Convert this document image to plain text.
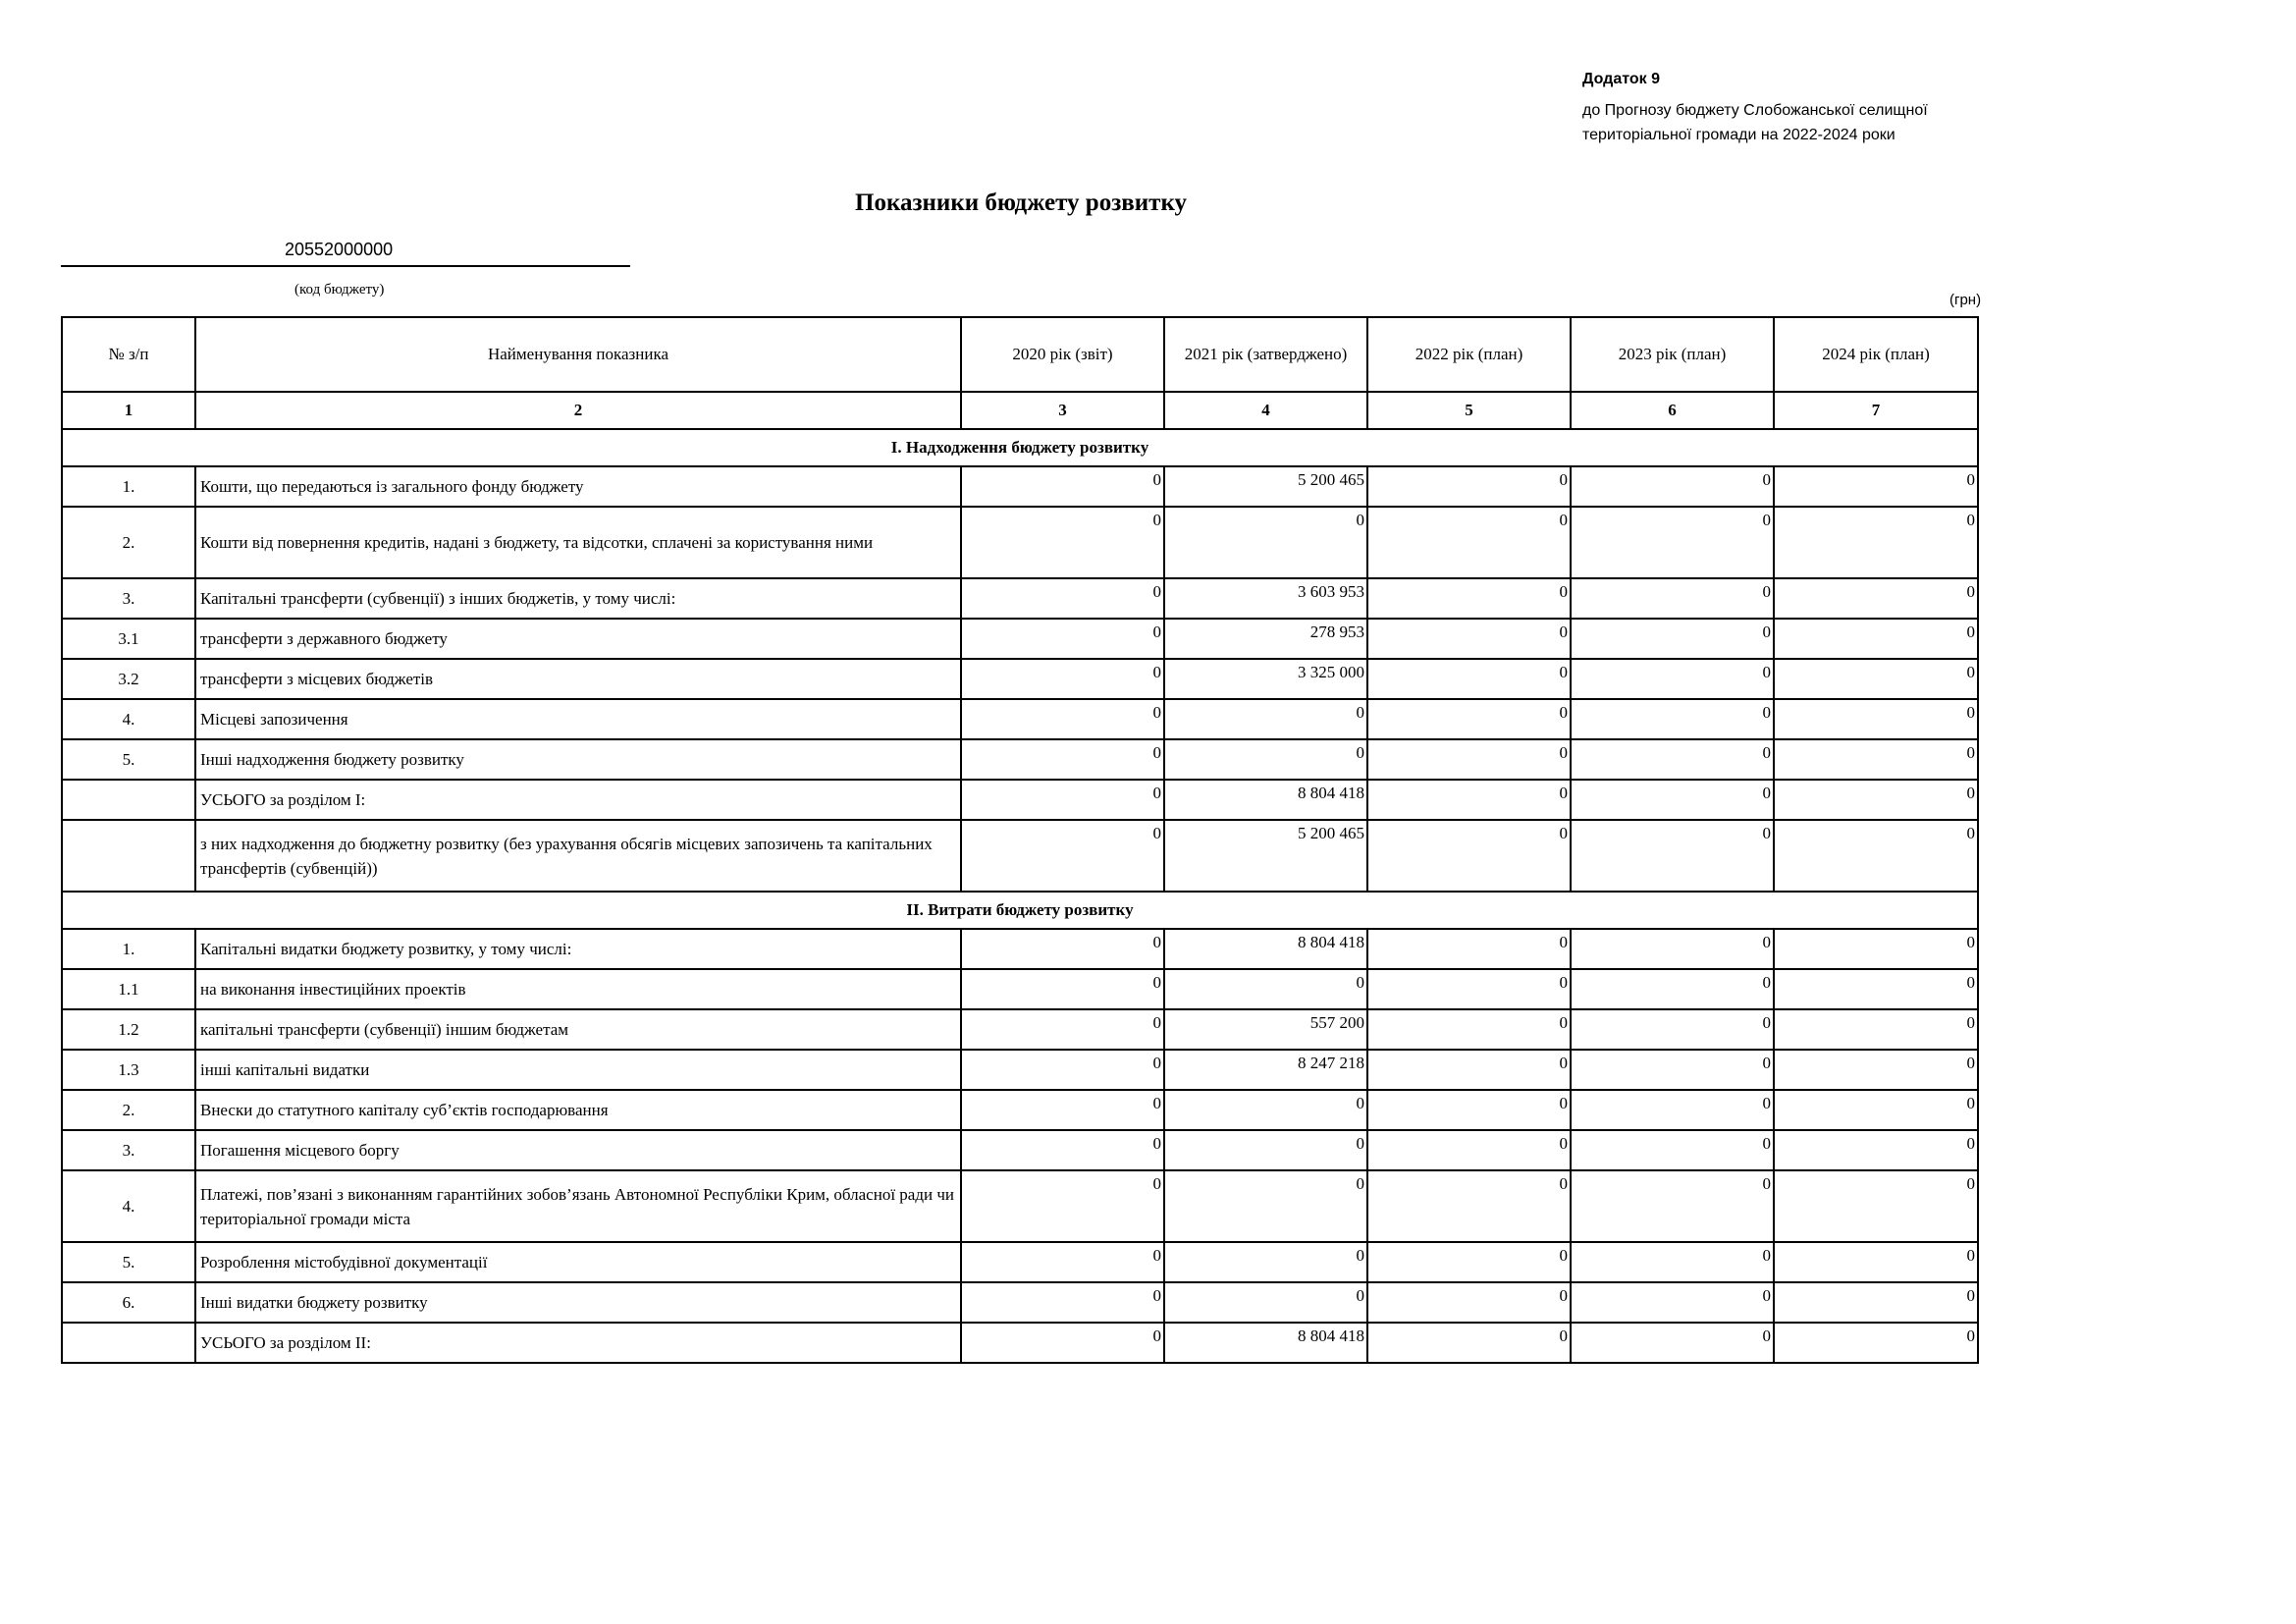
Додаток 9
до Прогнозу бюджету Слобожанської селищної
територіальної громади на 2022-2024 роки
Показники бюджету розвитку
20552000000
(код бюджету)
(грн)
№ з/п	Найменування показника	2020 рік (звіт)	2021 рік (затверджено)	2022 рік (план)	2023 рік (план)	2024 рік (план)
1	2	3	4	5	6	7
І. Надходження бюджету розвитку						
1.	Кошти, що передаються із загального фонду бюджету	0	5 200 465	0	0	0
2.	Кошти від повернення кредитів, надані з бюджету, та відсотки, сплачені за користування ними	0	0	0	0	0
3.	Капітальні трансферти (субвенції) з інших бюджетів, у тому числі:	0	3 603 953	0	0	0
3.1	трансферти з державного бюджету	0	278 953	0	0	0
3.2	трансферти з місцевих бюджетів	0	3 325 000	0	0	0
4.	Місцеві запозичення	0	0	0	0	0
5.	Інші надходження бюджету розвитку	0	0	0	0	0
	УСЬОГО за розділом І:	0	8 804 418	0	0	0
	з них надходження до бюджетну розвитку (без урахування обсягів місцевих запозичень та капітальних трансфертів (субвенцій))	0	5 200 465	0	0	0
ІІ. Витрати бюджету розвитку						
1.	Капітальні видатки бюджету розвитку, у тому числі:	0	8 804 418	0	0	0
1.1	на виконання інвестиційних проектів	0	0	0	0	0
1.2	капітальні трансферти (субвенції) іншим бюджетам	0	557 200	0	0	0
1.3	інші капітальні видатки	0	8 247 218	0	0	0
2.	Внески до статутного капіталу суб’єктів господарювання	0	0	0	0	0
3.	Погашення місцевого боргу	0	0	0	0	0
4.	Платежі, пов’язані з виконанням гарантійних зобов’язань Автономної Республіки Крим, обласної ради чи територіальної громади міста	0	0	0	0	0
5.	Розроблення містобудівної документації	0	0	0	0	0
6.	Інші видатки бюджету розвитку	0	0	0	0	0
	УСЬОГО за розділом ІІ:	0	8 804 418	0	0	0
